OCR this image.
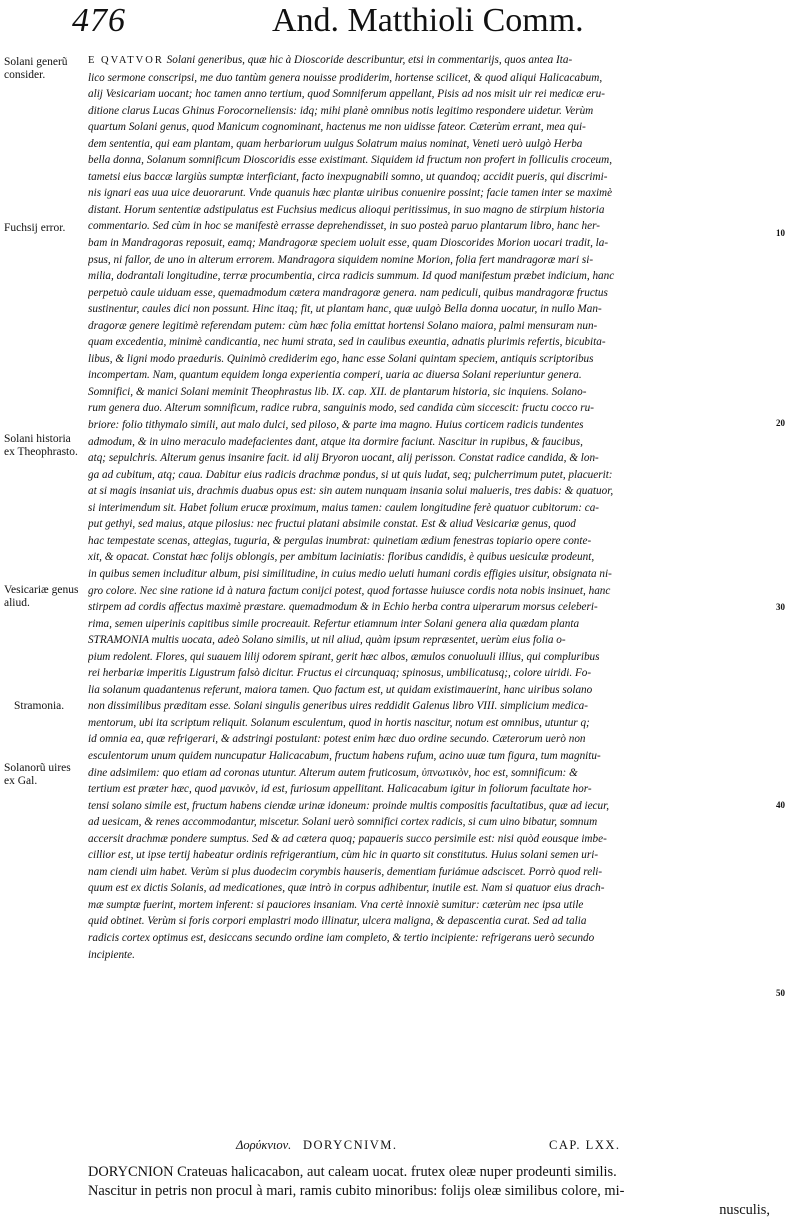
476	And. Matthioli Comm.
Solani generũ consider.
Fuchsij error.
Solani historia ex Theophrasto.
Vesicariæ genus aliud.
Stramonia.
Solanorũ uires ex Gal.
10
20
30
40
50
E QVATVOR Solani generibus, quæ hic à Dioscoride describuntur, etsi in commentarijs, quos antea Ita-
lico sermone conscripsi, me duo tantùm genera nouisse prodiderim, hortense scilicet, & quod aliqui Halicacabum,
alij Vesicariam uocant; hoc tamen anno tertium, quod Somniferum appellant, Pisis ad nos misit uir rei medicæ eru-
ditione clarus Lucas Ghinus Forocorneliensis: idq; mihi planè omnibus notis legitimo respondere uidetur. Verùm
quartum Solani genus, quod Manicum cognominant, hactenus me non uidisse fateor. Cæterùm errant, mea qui-
dem sententia, qui eam plantam, quam herbariorum uulgus Solatrum maius nominat, Veneti uerò uulgò Herba
bella donna, Solanum somnificum Dioscoridis esse existimant. Siquidem id fructum non profert in folliculis croceum,
tametsi eius baccæ largiùs sumptæ interficiant, facto inexpugnabili somno, ut quandoq; accidit pueris, qui discrimi-
nis ignari eas uua uice deuorarunt. Vnde quanuis hæc plantæ uiribus conuenire possint; facie tamen inter se maximè
distant. Horum sententiæ adstipulatus est Fuchsius medicus alioqui peritissimus, in suo magno de stirpium historia
commentario. Sed cùm in hoc se manifestè errasse deprehendisset, in suo posteà paruo plantarum libro, hanc her-
bam in Mandragoras reposuit, eamq; Mandragoræ speciem uoluit esse, quam Dioscorides Morion uocari tradit, la-
psus, ni fallor, de uno in alterum errorem. Mandragora siquidem nomine Morion, folia fert mandragoræ mari si-
milia, dodrantali longitudine, terræ procumbentia, circa radicis summum. Id quod manifestum præbet indicium, hanc
perpetuò caule uiduam esse, quemadmodum cætera mandragoræ genera. nam pediculi, quibus mandragoræ fructus
sustinentur, caules dici non possunt. Hinc itaq; fit, ut plantam hanc, quæ uulgò Bella donna uocatur, in nullo Man-
dragoræ genere legitimè referendam putem: cùm hæc folia emittat hortensi Solano maiora, palmi mensuram nun-
quam excedentia, minimè candicantia, nec humi strata, sed in caulibus exeuntia, adnatis plurimis refertis, bicubita-
libus, & ligni modo praeduris. Quinimò crediderim ego, hanc esse Solani quintam speciem, antiquis scriptoribus
incompertam. Nam, quantum equidem longa experientia comperi, uaria ac diuersa Solani reperiuntur genera.
Somnifici, & manici Solani meminit Theophrastus lib. IX. cap. XII. de plantarum historia, sic inquiens. Solano-
rum genera duo. Alterum somnificum, radice rubra, sanguinis modo, sed candida cùm siccescit: fructu cocco ru-
briore: folio tithymalo simili, aut malo dulci, sed piloso, & parte ima magno. Huius corticem radicis tundentes
admodum, & in uino meraculo madefacientes dant, atque ita dormire faciunt. Nascitur in rupibus, & faucibus,
atq; sepulchris. Alterum genus insanire facit. id alij Bryoron uocant, alij perisson. Constat radice candida, & lon-
ga ad cubitum, atq; caua. Dabitur eius radicis drachmæ pondus, si ut quis ludat, seq; pulcherrimum putet, placuerit:
at si magis insaniat uis, drachmis duabus opus est: sin autem nunquam insania solui malueris, tres dabis: & quatuor,
si interimendum sit. Habet folium erucæ proximum, maius tamen: caulem longitudine ferè quatuor cubitorum: ca-
put gethyi, sed maius, atque pilosius: nec fructui platani absimile constat. Est & aliud Vesicariæ genus, quod
hac tempestate scenas, attegias, tuguria, & pergulas inumbrat: quinetiam ædium fenestras topiario opere conte-
xit, & opacat. Constat hæc folijs oblongis, per ambitum laciniatis: floribus candidis, è quibus uesiculæ prodeunt,
in quibus semen includitur album, pisi similitudine, in cuius medio ueluti humani cordis effigies uisitur, obsignata ni-
gro colore. Nec sine ratione id à natura factum conijci potest, quod fortasse huiusce cordis nota nobis insinuet, hanc
stirpem ad cordis affectus maximè præstare. quemadmodum & in Echio herba contra uiperarum morsus celeberi-
rima, semen uiperinis capitibus simile procreauit. Refertur etiamnum inter Solani genera alia quædam planta
STRAMONIA multis uocata, adeò Solano similis, ut nil aliud, quàm ipsum repræsentet, uerùm eius folia o-
pium redolent. Flores, qui suauem lilij odorem spirant, gerit hæc albos, æmulos conuoluuli illius, qui compluribus
rei herbariæ imperitis Ligustrum falsò dicitur. Fructus ei circunquaq; spinosus, umbilicatusq;, colore uiridi. Fo-
lia solanum quadantenus referunt, maiora tamen. Quo factum est, ut quidam existimauerint, hanc uiribus solano
non dissimilibus præditam esse. Solani singulis generibus uires reddidit Galenus libro VIII. simplicium medica-
mentorum, ubi ita scriptum reliquit. Solanum esculentum, quod in hortis nascitur, notum est omnibus, utuntur q;
id omnia ea, quæ refrigerari, & adstringi postulant: potest enim hæc duo ordine secundo. Cæterorum uerò non
esculentorum unum quidem nuncupatur Halicacabum, fructum habens rufum, acino uuæ tum figura, tum magnitu-
dine adsimilem: quo etiam ad coronas utuntur. Alterum autem fruticosum, ὑπνωτικὸν, hoc est, somnificum: &
tertium est præter hæc, quod μανικὸν, id est, furiosum appellitant. Halicacabum igitur in foliorum facultate hor-
tensi solano simile est, fructum habens ciendæ urinæ idoneum: proinde multis compositis facultatibus, quæ ad iecur,
ad uesicam, & renes accommodantur, miscetur. Solani uerò somnifici cortex radicis, si cum uino bibatur, somnum
accersit drachmæ pondere sumptus. Sed & ad cætera quoq; papaueris succo persimile est: nisi quòd eousque imbe-
cillior est, ut ipse tertij habeatur ordinis refrigerantium, cùm hic in quarto sit constitutus. Huius solani semen uri-
nam ciendi uim habet. Verùm si plus duodecim corymbis hauseris, dementiam furiámue adsciscet. Porrò quod reli-
quum est ex dictis Solanis, ad medicationes, quæ intrò in corpus adhibentur, inutile est. Nam si quatuor eius drach-
mæ sumptæ fuerint, mortem inferent: si pauciores insaniam. Vna certè innoxiè sumitur: cæterùm nec ipsa utile
quid obtinet. Verùm si foris corpori emplastri modo illinatur, ulcera maligna, & depascentia curat. Sed ad talia
radicis cortex optimus est, desiccans secundo ordine iam completo, & tertio incipiente: refrigerans uerò secundo
incipiente.
Δορύκνιον. DORYCNIVM.	CAP. LXX.
DORYCNION Crateuas halicacabon, aut caleam uocat. frutex oleæ nuper prodeunti similis.
Nascitur in petris non procul à mari, ramis cubito minoribus: folijs oleæ similibus colore, mi-
nusculis,
